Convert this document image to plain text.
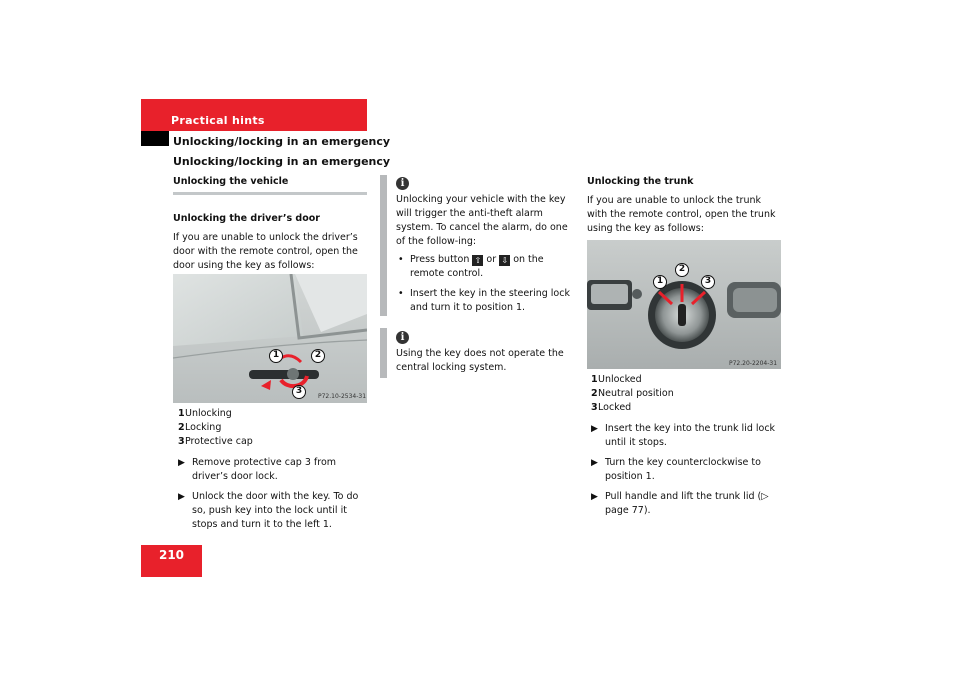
Practical hints
Unlocking/locking in an emergency
Unlocking/locking in an emergency

Unlocking the vehicle

Unlocking the driver’s door

If you are unable to unlock the driver’s door with the remote control, open the door using the key as follows:

1	2
3
P72.10-2534-31

1Unlocking

2Locking

3Protective cap

▶ Remove protective cap 3 from driver’s door lock.

▶ Unlock the door with the key. To do so, push key into the lock until it stops and turn it to the left 1.

i

Unlocking your vehicle with the key will trigger the anti-theft alarm system. To cancel the alarm, do one of the follow-ing:

• Press button ⇧ or ⇩ on the remote control.

• Insert the key in the steering lock and turn it to position 1.

i

Using the key does not operate the central locking system.

Unlocking the trunk

If you are unable to unlock the trunk with the remote control, open the trunk using the key as follows:

1
2
3
P72.20-2204-31

1Unlocked

2Neutral position

3Locked

▶ Insert the key into the trunk lid lock until it stops.

▶ Turn the key counterclockwise to position 1.

▶ Pull handle and lift the trunk lid (▷ page 77).

210
